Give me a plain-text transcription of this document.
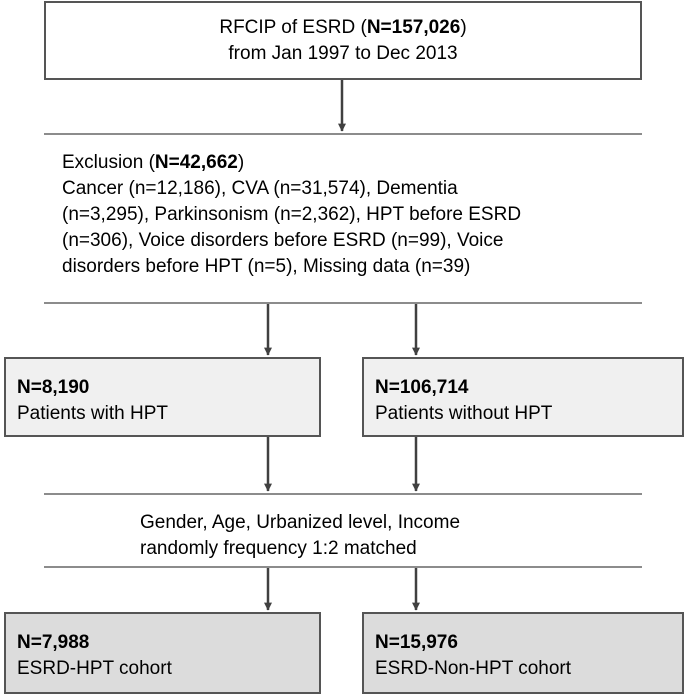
RFCIP of ESRD (N=157,026)
from Jan 1997 to Dec 2013
Exclusion (N=42,662)
Cancer (n=12,186), CVA (n=31,574), Dementia
(n=3,295), Parkinsonism (n=2,362), HPT before ESRD
(n=306), Voice disorders before ESRD (n=99), Voice
disorders before HPT (n=5), Missing data (n=39)
N=8,190
Patients with HPT
N=106,714
Patients without HPT
Gender, Age, Urbanized level, Income
randomly frequency 1:2 matched
N=7,988
ESRD-HPT cohort
N=15,976
ESRD-Non-HPT cohort
